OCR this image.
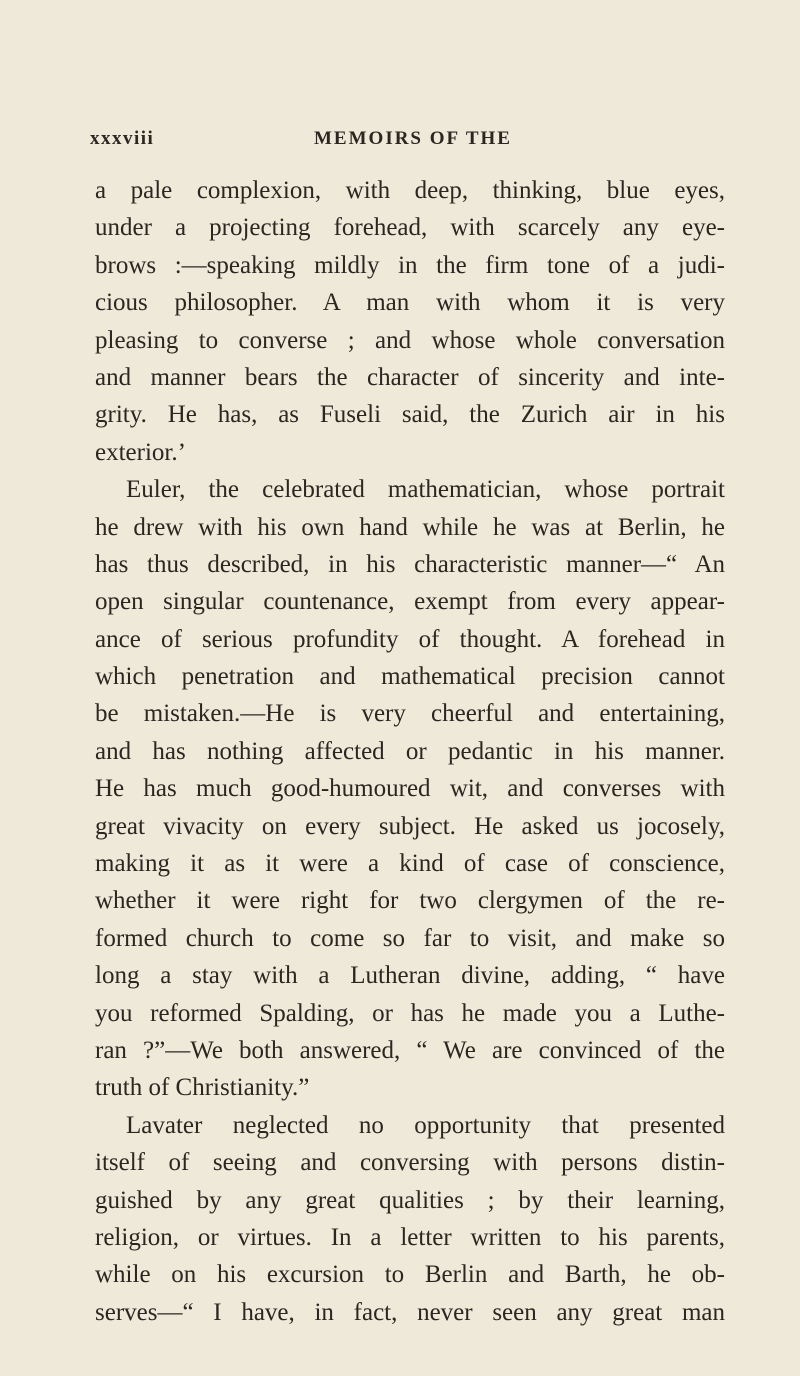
xxxviii	MEMOIRS OF THE
a pale complexion, with deep, thinking, blue eyes,
under a projecting forehead, with scarcely any eye-
brows :—speaking mildly in the firm tone of a judi-
cious philosopher. A man with whom it is very
pleasing to converse ; and whose whole conversation
and manner bears the character of sincerity and inte-
grity. He has, as Fuseli said, the Zurich air in his
exterior.’
Euler, the celebrated mathematician, whose portrait
he drew with his own hand while he was at Berlin, he
has thus described, in his characteristic manner—“ An
open singular countenance, exempt from every appear-
ance of serious profundity of thought. A forehead in
which penetration and mathematical precision cannot
be mistaken.—He is very cheerful and entertaining,
and has nothing affected or pedantic in his manner.
He has much good-humoured wit, and converses with
great vivacity on every subject. He asked us jocosely,
making it as it were a kind of case of conscience,
whether it were right for two clergymen of the re-
formed church to come so far to visit, and make so
long a stay with a Lutheran divine, adding, “ have
you reformed Spalding, or has he made you a Luthe-
ran ?”—We both answered, “ We are convinced of the
truth of Christianity.”
Lavater neglected no opportunity that presented
itself of seeing and conversing with persons distin-
guished by any great qualities ; by their learning,
religion, or virtues. In a letter written to his parents,
while on his excursion to Berlin and Barth, he ob-
serves—“ I have, in fact, never seen any great man
